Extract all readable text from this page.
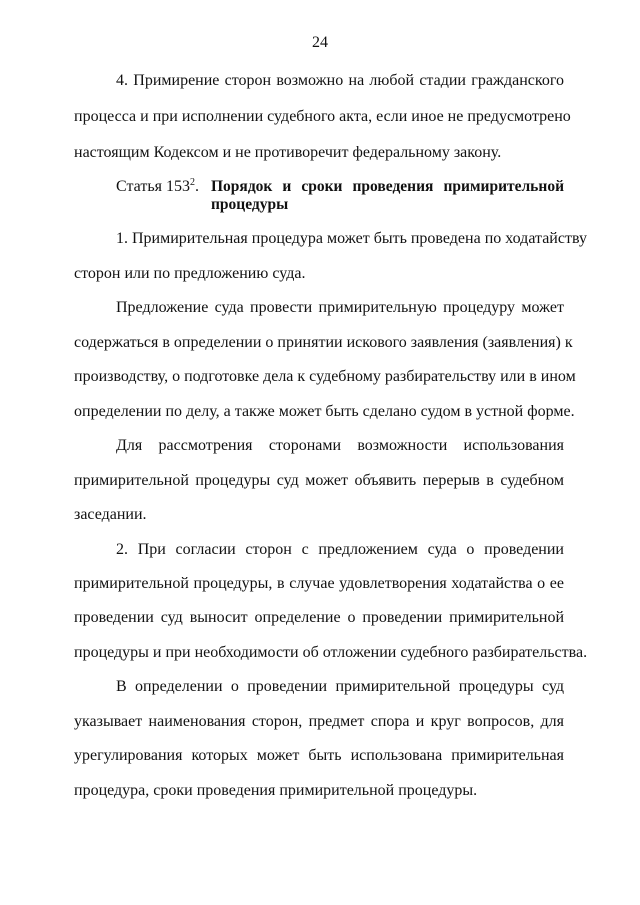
24
4. Примирение сторон возможно на любой стадии гражданского
процесса и при исполнении судебного акта, если иное не предусмотрено
настоящим Кодексом и не противоречит федеральному закону.
Статья $153^2$. Порядок и сроки проведения примирительной
процедуры
1. Примирительная процедура может быть проведена по ходатайству
сторон или по предложению суда.
Предложение суда провести примирительную процедуру может
содержаться в определении о принятии искового заявления (заявления) к
производству, о подготовке дела к судебному разбирательству или в ином
определении по делу, а также может быть сделано судом в устной форме.
Для рассмотрения сторонами возможности использования
примирительной процедуры суд может объявить перерыв в судебном
заседании.
2. При согласии сторон с предложением суда о проведении
примирительной процедуры, в случае удовлетворения ходатайства о ее
проведении суд выносит определение о проведении примирительной
процедуры и при необходимости об отложении судебного разбирательства.
В определении о проведении примирительной процедуры суд
указывает наименования сторон, предмет спора и круг вопросов, для
урегулирования которых может быть использована примирительная
процедура, сроки проведения примирительной процедуры.
